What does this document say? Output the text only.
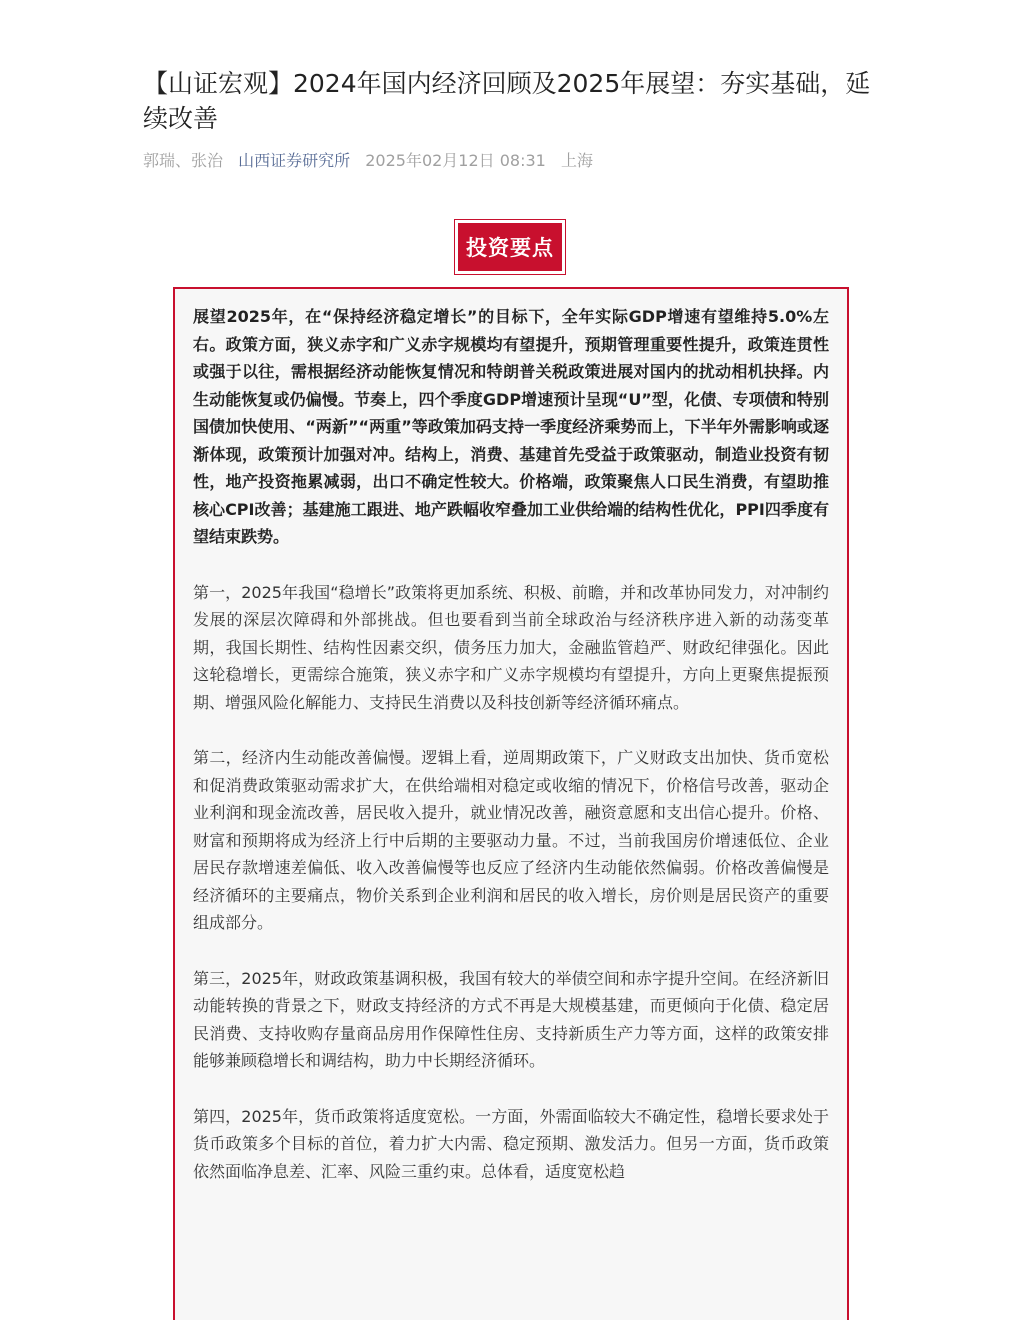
【山证宏观】2024年国内经济回顾及2025年展望：夯实基础，延续改善
郭瑞、张治 山西证券研究所 2025年02月12日 08:31 上海
投资要点

展望2025年，在“保持经济稳定增长”的目标下，全年实际GDP增速有望维持5.0%左右。政策方面，狭义赤字和广义赤字规模均有望提升，预期管理重要性提升，政策连贯性或强于以往，需根据经济动能恢复情况和特朗普关税政策进展对国内的扰动相机抉择。内生动能恢复或仍偏慢。节奏上，四个季度GDP增速预计呈现“U”型，化债、专项债和特别国债加快使用、“两新”“两重”等政策加码支持一季度经济乘势而上，下半年外需影响或逐渐体现，政策预计加强对冲。结构上，消费、基建首先受益于政策驱动，制造业投资有韧性，地产投资拖累减弱，出口不确定性较大。价格端，政策聚焦人口民生消费，有望助推核心CPI改善；基建施工跟进、地产跌幅收窄叠加工业供给端的结构性优化，PPI四季度有望结束跌势。

第一，2025年我国“稳增长”政策将更加系统、积极、前瞻，并和改革协同发力，对冲制约发展的深层次障碍和外部挑战。但也要看到当前全球政治与经济秩序进入新的动荡变革期，我国长期性、结构性因素交织，债务压力加大，金融监管趋严、财政纪律强化。因此这轮稳增长，更需综合施策，狭义赤字和广义赤字规模均有望提升，方向上更聚焦提振预期、增强风险化解能力、支持民生消费以及科技创新等经济循环痛点。

第二，经济内生动能改善偏慢。逻辑上看，逆周期政策下，广义财政支出加快、货币宽松和促消费政策驱动需求扩大，在供给端相对稳定或收缩的情况下，价格信号改善，驱动企业利润和现金流改善，居民收入提升，就业情况改善，融资意愿和支出信心提升。价格、财富和预期将成为经济上行中后期的主要驱动力量。不过，当前我国房价增速低位、企业居民存款增速差偏低、收入改善偏慢等也反应了经济内生动能依然偏弱。价格改善偏慢是经济循环的主要痛点，物价关系到企业利润和居民的收入增长，房价则是居民资产的重要组成部分。

第三，2025年，财政政策基调积极，我国有较大的举债空间和赤字提升空间。在经济新旧动能转换的背景之下，财政支持经济的方式不再是大规模基建，而更倾向于化债、稳定居民消费、支持收购存量商品房用作保障性住房、支持新质生产力等方面，这样的政策安排能够兼顾稳增长和调结构，助力中长期经济循环。

第四，2025年，货币政策将适度宽松。一方面，外需面临较大不确定性，稳增长要求处于货币政策多个目标的首位，着力扩大内需、稳定预期、激发活力。但另一方面，货币政策依然面临净息差、汇率、风险三重约束。总体看，适度宽松趋
